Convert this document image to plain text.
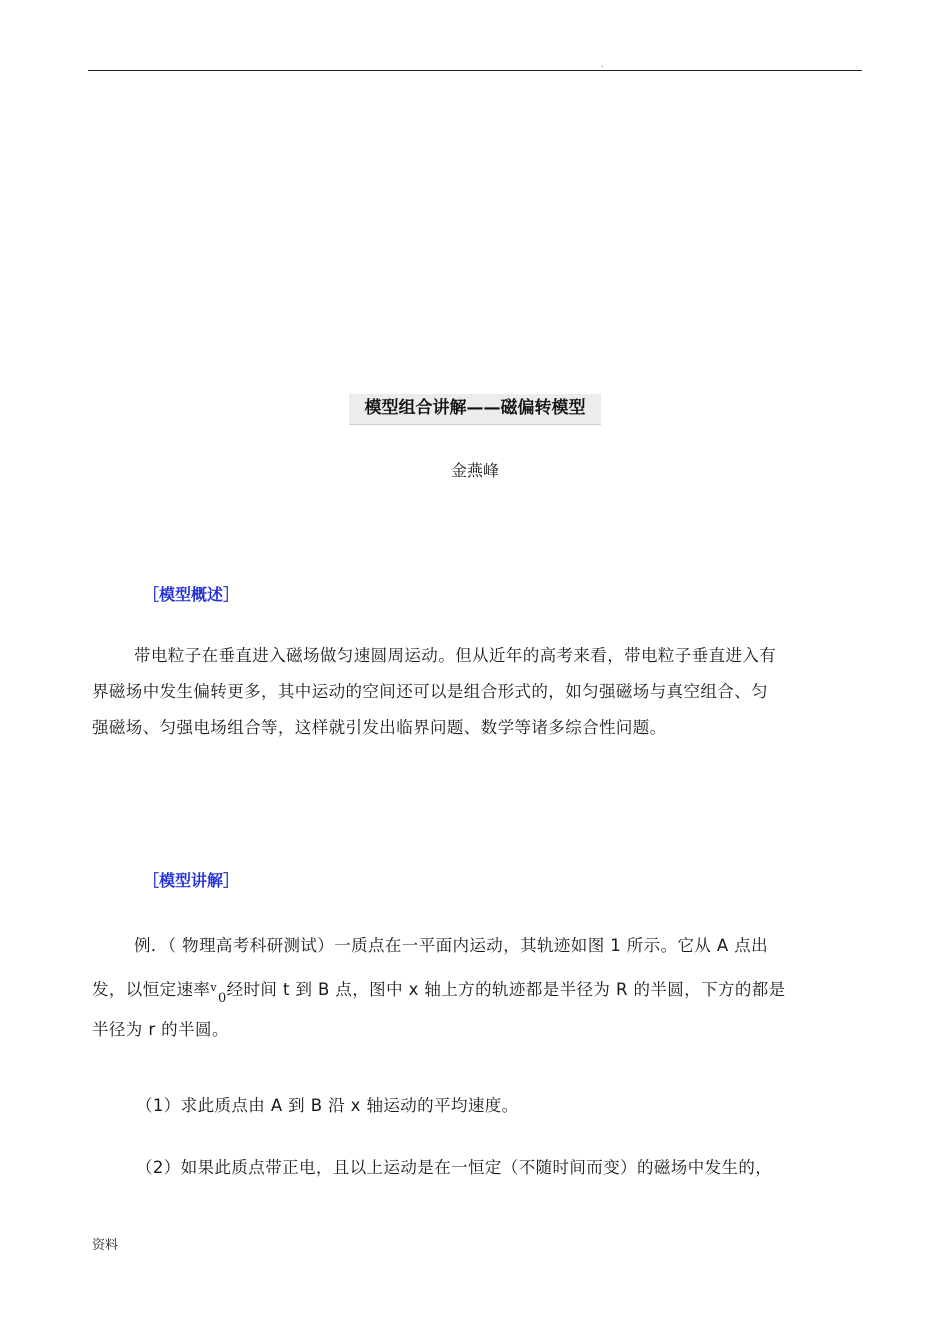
.
模型组合讲解——磁偏转模型
金燕峰
［模型概述］
带电粒子在垂直进入磁场做匀速圆周运动。但从近年的高考来看，带电粒子垂直进入有
界磁场中发生偏转更多，其中运动的空间还可以是组合形式的，如匀强磁场与真空组合、匀
强磁场、匀强电场组合等，这样就引发出临界问题、数学等诸多综合性问题。
［模型讲解］
例．（ 物理高考科研测试）一质点在一平面内运动，其轨迹如图 1 所示。它从 A 点出
发，以恒定速率$^v_0$经时间 t 到 B 点，图中 x 轴上方的轨迹都是半径为 R 的半圆，下方的都是
半径为 r 的半圆。
（1）求此质点由 A 到 B 沿 x 轴运动的平均速度。
（2）如果此质点带正电，且以上运动是在一恒定（不随时间而变）的磁场中发生的，
资料
